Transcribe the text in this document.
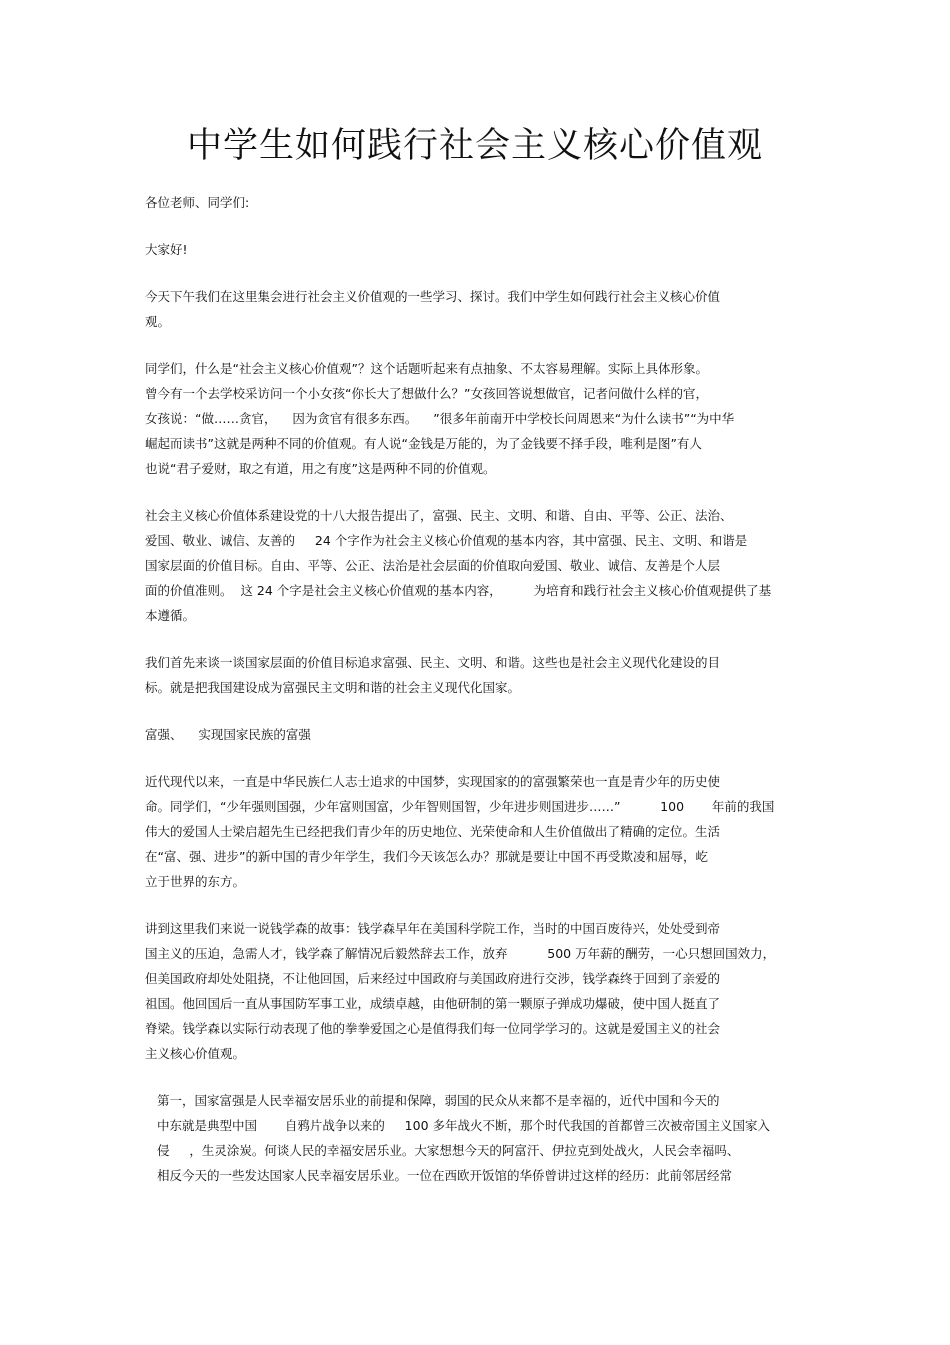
中学生如何践行社会主义核心价值观
各位老师、同学们:
大家好!
今天下午我们在这里集会进行社会主义价值观的一些学习、探讨。我们中学生如何践行社会主义核心价值
观。
同学们，什么是“社会主义核心价值观”？这个话题听起来有点抽象、不太容易理解。实际上具体形象。
曾今有一个去学校采访问一个小女孩“你长大了想做什么？”女孩回答说想做官，记者问做什么样的官，
女孩说：“做……贪官，    因为贪官有很多东西。    ”很多年前南开中学校长问周恩来“为什么读书”“为中华
崛起而读书”这就是两种不同的价值观。有人说“金钱是万能的，为了金钱要不择手段，唯利是图”有人
也说“君子爱财，取之有道，用之有度”这是两种不同的价值观。
社会主义核心价值体系建设党的十八大报告提出了，富强、民主、文明、和谐、自由、平等、公正、法治、
爱国、敬业、诚信、友善的     24 个字作为社会主义核心价值观的基本内容，其中富强、民主、文明、和谐是
国家层面的价值目标。自由、平等、公正、法治是社会层面的价值取向爱国、敬业、诚信、友善是个人层
面的价值准则。  这 24 个字是社会主义核心价值观的基本内容，        为培育和践行社会主义核心价值观提供了基
本遵循。
我们首先来谈一谈国家层面的价值目标追求富强、民主、文明、和谐。这些也是社会主义现代化建设的目
标。就是把我国建设成为富强民主文明和谐的社会主义现代化国家。
富强、    实现国家民族的富强
近代现代以来，一直是中华民族仁人志士追求的中国梦，实现国家的的富强繁荣也一直是青少年的历史使
命。同学们，“少年强则国强，少年富则国富，少年智则国智，少年进步则国进步……”          100       年前的我国
伟大的爱国人士梁启超先生已经把我们青少年的历史地位、光荣使命和人生价值做出了精确的定位。生活
在“富、强、进步”的新中国的青少年学生，我们今天该怎么办？那就是要让中国不再受欺凌和屈辱，屹
立于世界的东方。
讲到这里我们来说一说钱学森的故事：钱学森早年在美国科学院工作，当时的中国百废待兴，处处受到帝
国主义的压迫，急需人才，钱学森了解情况后毅然辞去工作，放弃          500 万年薪的酬劳，一心只想回国效力，
但美国政府却处处阻挠，不让他回国，后来经过中国政府与美国政府进行交涉，钱学森终于回到了亲爱的
祖国。他回国后一直从事国防军事工业，成绩卓越，由他研制的第一颗原子弹成功爆破，使中国人挺直了
脊梁。钱学森以实际行动表现了他的拳拳爱国之心是值得我们每一位同学学习的。这就是爱国主义的社会
主义核心价值观。
第一，国家富强是人民幸福安居乐业的前提和保障，弱国的民众从来都不是幸福的，近代中国和今天的
中东就是典型中国       自鸦片战争以来的     100 多年战火不断，那个时代我国的首都曾三次被帝国主义国家入
侵     ，生灵涂炭。何谈人民的幸福安居乐业。大家想想今天的阿富汗、伊拉克到处战火，人民会幸福吗、
相反今天的一些发达国家人民幸福安居乐业。一位在西欧开饭馆的华侨曾讲过这样的经历：此前邻居经常
